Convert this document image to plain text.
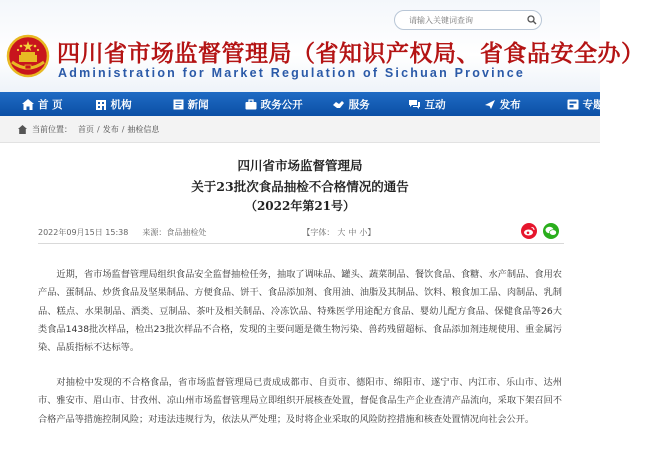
请输入关键词查询
四川省市场监督管理局（省知识产权局、省食品安全办）
Administration for Market Regulation of Sichuan Province
首 页	机构	新闻	政务公开	服务	互动	发布	专题
当前位置： 首页 / 发布 / 抽检信息
四川省市场监督管理局
关于23批次食品抽检不合格情况的通告
（2022年第21号）
2022年09月15日 15:38 来源：食品抽检处	【字体： 大 中 小 】

近期，省市场监督管理局组织食品安全监督抽检任务，抽取了调味品、罐头、蔬菜制品、餐饮食品、食糖、水产制品、食用农产品、蛋制品、炒货食品及坚果制品、方便食品、饼干、食品添加剂、食用油、油脂及其制品、饮料、粮食加工品、肉制品、乳制品、糕点、水果制品、酒类、豆制品、茶叶及相关制品、冷冻饮品、特殊医学用途配方食品、婴幼儿配方食品、保健食品等26大类食品1438批次样品，检出23批次样品不合格，发现的主要问题是微生物污染、兽药残留超标、食品添加剂违规使用、重金属污染、品质指标不达标等。

对抽检中发现的不合格食品，省市场监督管理局已责成成都市、自贡市、德阳市、绵阳市、遂宁市、内江市、乐山市、达州市、雅安市、眉山市、甘孜州、凉山州市场监督管理局立即组织开展核查处置，督促食品生产企业查清产品流向，采取下架召回不合格产品等措施控制风险；对违法违规行为，依法从严处理；及时将企业采取的风险防控措施和核查处置情况向社会公开。
